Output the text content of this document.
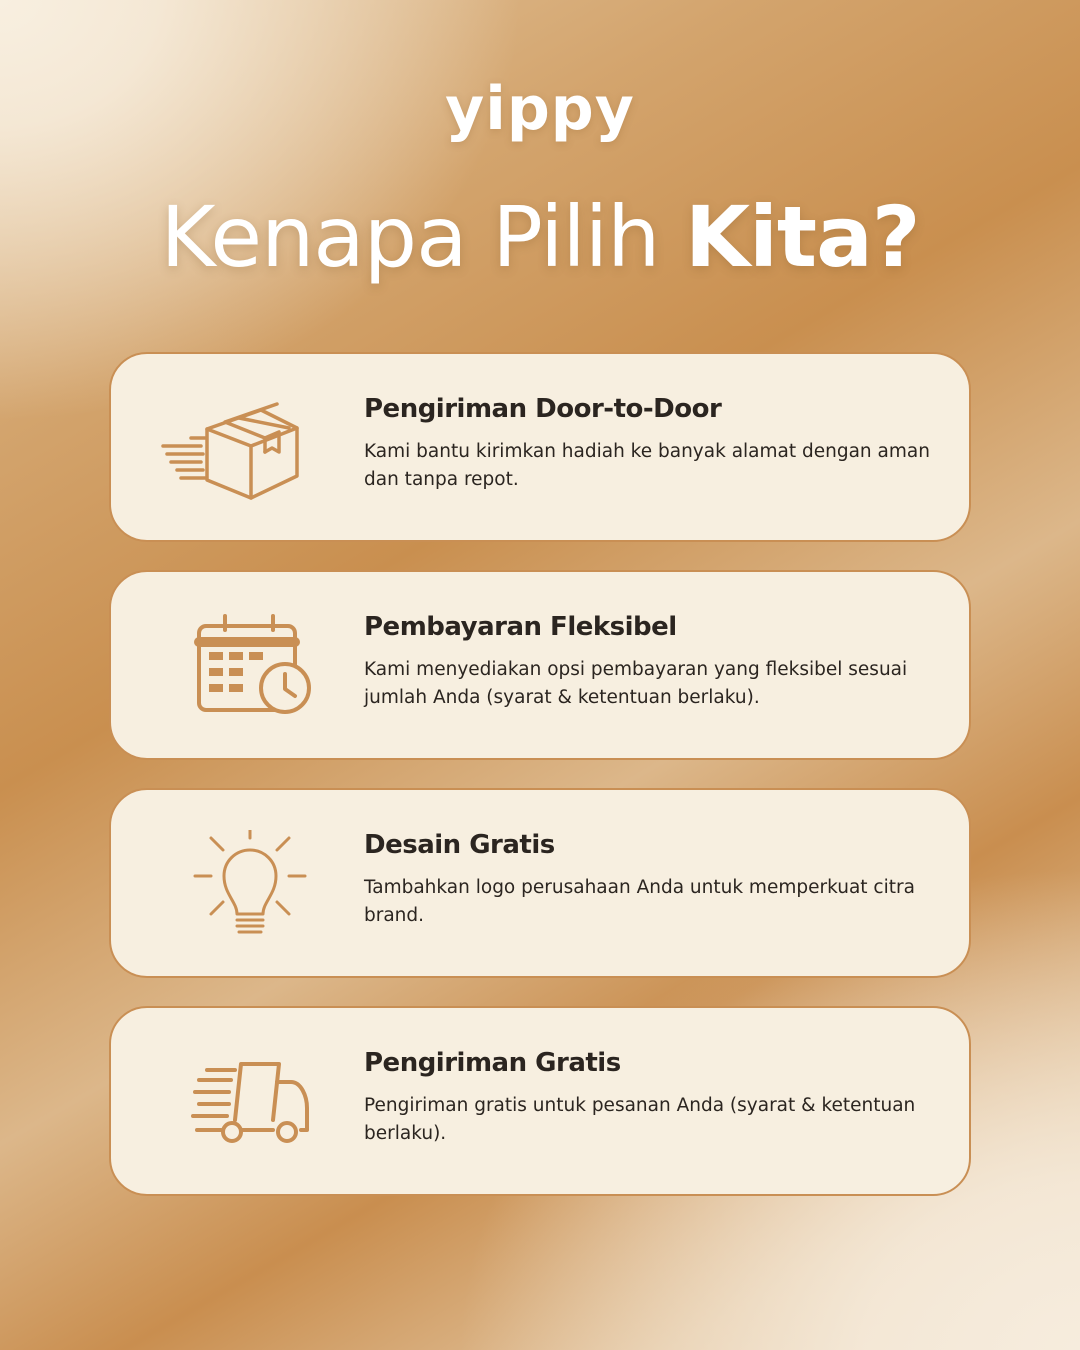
yippy
Kenapa Pilih Kita?
Pengiriman Door-to-Door
Kami bantu kirimkan hadiah ke banyak alamat dengan aman dan tanpa repot.
Pembayaran Fleksibel
Kami menyediakan opsi pembayaran yang fleksibel sesuai jumlah Anda (syarat & ketentuan berlaku).
Desain Gratis
Tambahkan logo perusahaan Anda untuk memperkuat citra brand.
Pengiriman Gratis
Pengiriman gratis untuk pesanan Anda (syarat & ketentuan berlaku).
